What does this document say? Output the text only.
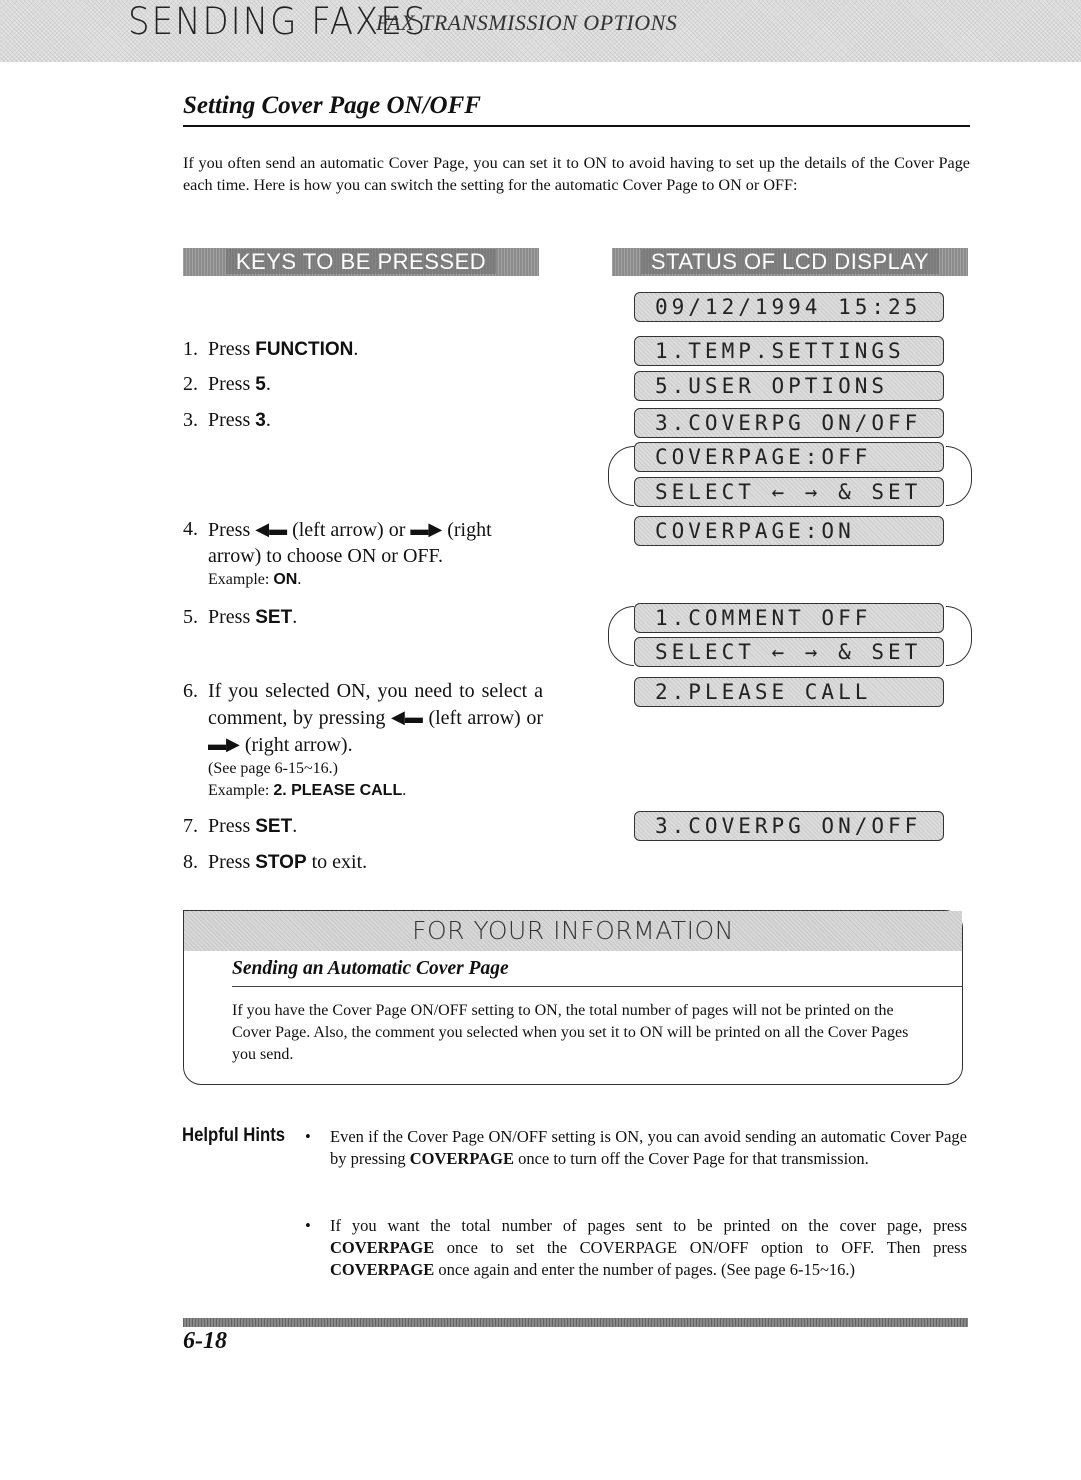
SENDING FAXES
FAX TRANSMISSION OPTIONS
Setting Cover Page ON/OFF
If you often send an automatic Cover Page, you can set it to ON to avoid having to set up the details of the Cover Page each time. Here is how you can switch the setting for the automatic Cover Page to ON or OFF:
KEYS TO BE PRESSED	STATUS OF LCD DISPLAY
1. Press FUNCTION.
2. Press 5.
3. Press 3.
4. Press ◀▬ (left arrow) or ▬▶ (right arrow) to choose ON or OFF.
Example: ON.
5. Press SET.
6. If you selected ON, you need to select a comment, by pressing ◀▬ (left arrow) or ▬▶ (right arrow).
(See page 6-15~16.)
Example: 2. PLEASE CALL.
7. Press SET.
8. Press STOP to exit.
09/12/1994 15:25
1.TEMP.SETTINGS
5.USER OPTIONS
3.COVERPG ON/OFF
COVERPAGE:OFF
SELECT ← → & SET
COVERPAGE:ON
1.COMMENT OFF
SELECT ← → & SET
2.PLEASE CALL
3.COVERPG ON/OFF
FOR YOUR INFORMATION
Sending an Automatic Cover Page
If you have the Cover Page ON/OFF setting to ON, the total number of pages will not be printed on the Cover Page. Also, the comment you selected when you set it to ON will be printed on all the Cover Pages you send.
Helpful Hints • Even if the Cover Page ON/OFF setting is ON, you can avoid sending an automatic Cover Page by pressing COVERPAGE once to turn off the Cover Page for that transmission.
• If you want the total number of pages sent to be printed on the cover page, press COVERPAGE once to set the COVERPAGE ON/OFF option to OFF. Then press COVERPAGE once again and enter the number of pages. (See page 6-15~16.)
6-18
